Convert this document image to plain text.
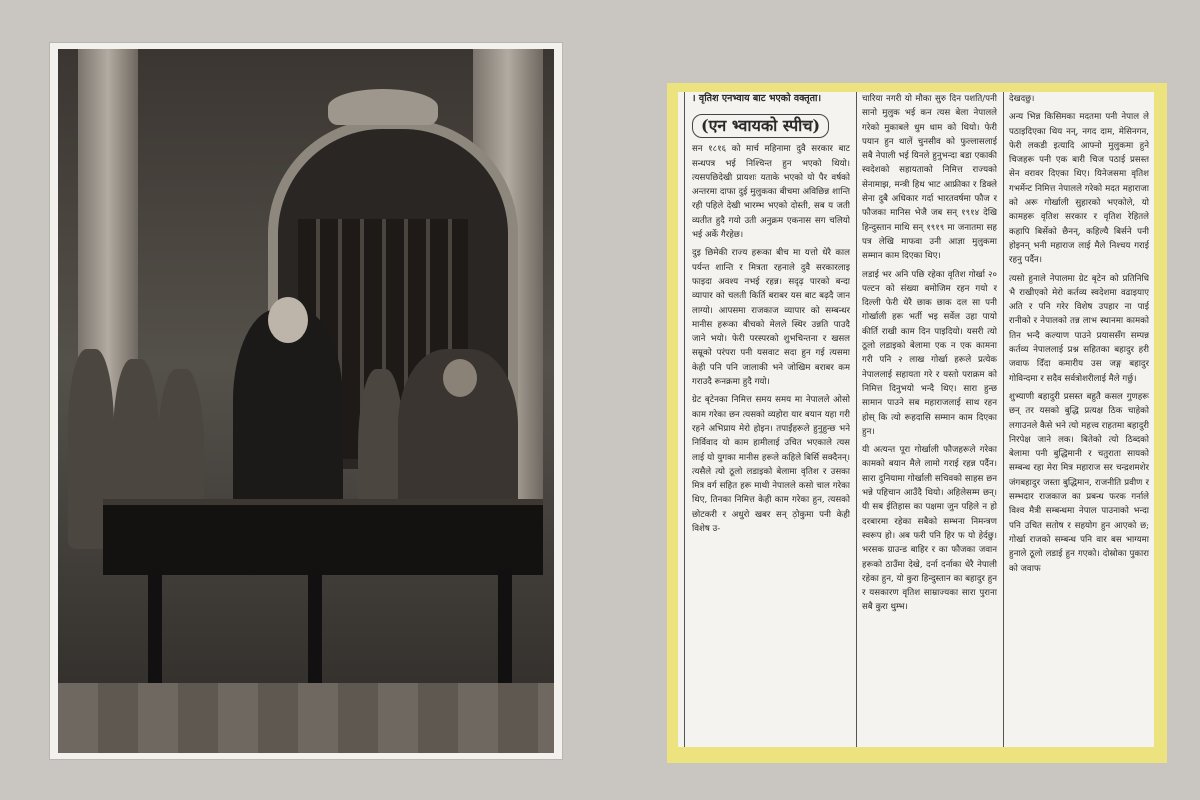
। वृतिश एनभ्वाय बाट भएको वक्तृता।
(एन भ्वायको स्पीच)

सन १८१६ को मार्च महिनामा दुवै सरकार बाट सन्धपत्र भई निश्चिन्त हुन भएको थियो। त्यसपछिदेखी प्रायशः यताके भएको यो पैर वर्षको अन्तरमा दाफा दुई मुलुकका बीचमा अविछिन्न शान्ति रही पहिले देखी भारम्भ भएको दोस्ती, सब य जती व्यतीत हुदै गयो उती अनुक्रम एकनास सग चलियो भई अर्के गैरहेछ।

दुइ छिमेकी राज्य हरूका बीच मा यत्तो धेरै काल पर्यन्त शान्ति र मित्रता रहनाले दुवै सरकारलाइ फाइदा अवश्य नभई रहन्न। सदृढ़ पारको बन्दा व्यापार को चलती किर्ति बराबर यस बाट बढ़दै जान लाग्यो। आपसमा राजकाज व्यापार को सम्बन्धर मानीस हरूका बीचको मेलले स्थिर उन्नति पाउदै जाने भयो। फेरी परस्परको शुभचिन्तना र खसल सम्रूको परंपरा पनी यसवाट सदा हुन गई त्यसमा केही पनि पनि जालाकी भने जोखिम बराबर कम गराउदै रूनक्रमा हुदै गयो।

ग्रेट बृटेनका निमित्त समय समय मा नेपालले ओसो काम गरेका छन त्यसको व्यहोरा यार बयान यहा गरी रहने अभिप्राय मेरो होइन। तपाईंहरूले हुनुहुन्छ भने निर्विवाद यो काम हामीलाई उचित भएकाले त्यस लाई यो युगका मानीस हरूले कहिले बिर्सि सक्दैनन्। त्यसैले त्यो ठूलो लडाइको बेलामा वृतिश र उसका मित्र वर्ग सहित हरू माथी नेपालले कसो चाल गरेका थिए, तिनका निमित्त केही काम गरेका हुन, त्यसको छोटकरी र अधुरो खबर सन् ठ़ोकुमा पनी केही विशेष उ-

चारिया नगरी यो मौका सुरु दिन पशति/पनी सानो मुलुक भई कन त्यस बेला नेपालले गरेको मुकाबले धुम धाम को थियो। फेरी पयान हुन थालें चुनसीव को फुल्लासलाई सबै नेपाली भई यिनले हुनुभन्दा बडा एकाकी स्वदेशको सहायताको निमित्त राज्यको सेनामाझ, मन्त्री हिथ भाट आफ्रीका र डिक्ले सेना दुबै अधिकार गर्दा भारतवर्षमा फौज र फौजका मानिस भेजै जब सन् १९१४ देखि हिन्दुस्तान माथि सन् १९१९ मा जनातमा सह पत्र लेखि माफवा उनी आज्ञा मुलुकमा सम्मान काम दिएका थिए।

लडाई भर अनि पछि रहेका वृतिश गोर्खा २० पल्टन को संख्या बमोजिम रहन गयो र दिल्ली फेरी धेरै छाक छाक दल सा पनी गोर्खाली हरू भर्ती भइ सर्वेल उहा पायो कीर्ति राखी काम दिन पाइदियो। यसरी त्यो ठूलो लडाइको बेलामा एक न एक कामना गरी पनि २ लाख गोर्खा हरूले प्रत्येक नेपाललाई सहायता गरे र यस्तो पराक्रम को निमित्त दिनुभयो भन्दै थिए। सारा हुन्छ सामान पाउने सब महाराजलाई साथ रहन होस् कि त्यो रूहदासि सम्मान काम दिएका हुन।

यी अत्यन्त पूरा गोर्खाली फौजहरूले गरेका कामको बयान मैले लामो गराई रहन्न पर्दैन। सारा दुनियामा गोर्खाली सचिवको साहस छन भन्ने पहिचान आउँदै थियो। अहिलेसम्म छन्। यी सब ईतिहास का पक्षमा जुन पहिले न हो दरबारमा रहेका सबैको सम्भना निमन्त्रण स्वरूप हो। अब फरी पनि हिर फ यो हेर्दछु। भरसक ग्राउन्ड बाहिर र का फौजका जवान हरूको ठाउँमा देखे, दर्ना दर्नाका धेरै नेपाली रहेका हुन, यो कुरा हिन्दुस्तान का बहादुर हुन र यसकारण वृतिश साम्राज्यका सारा पुराना सबै कुरा थुम्भ।

देखदछु।

अन्य भिन्न किसिमका मदतमा पनी नेपाल ले पठाइदिएका थिय नन्, नगद दाम, मेसिनगन, फेरी लकडी इत्यादि आफ्नो मुलुकमा हुने चिजहरू पनी एक बारी चिज पठाई प्रसस्त सेन वरावर दिएका थिए। यिनेजसमा वृतिश गभर्मेन्ट निमित्त नेपालले गरेको मदत महाराजा को अरू गोर्खाली सुहारको भएकोले, यो कामहरू वृतिश सरकार र वृतिश रेहितले कहापि बिर्सेको छैनन्, कहिल्यै बिर्सने पनी होइनन् भनी महाराज लाई मैले निश्चय गराई रहनु पर्दैन।

त्यसो हुनाले नेपालमा ग्रेट बृटेन को प्रतिनिधि भै राखीएको मेरो कर्तव्य स्वदेशमा वढाइयाए अति र पनि गरेर विशेष उपहार ना पाई रानीको र नेपालको तन्न लाभ स्थानमा कामको तिन भन्दै कल्याण पाउने प्रयाससँग सम्पन्न कर्तव्य नेपाललाई प्रश्न सहितका बहादुर हरी जवाफ दिँदा कमारीय उस जङ्ग बहादुर गोविन्दमा र सदैव सर्वत्रोशरीलाई मैले गर्छु।

शुभ्याणी बहादुरी प्रसस्त बहुतै कसल गुणहरू छन् तर यसको बुद्धि प्रत्यक्ष ठिक चाहेको लगाउनले कैसे भने त्यो महत्त्व राहतमा बहादुरी निरपेक्ष जाने लक। बितेको त्यो ठिब्दको बेलामा पनी बुद्धिमानी र चतुराता सायको सम्बन्ध रहा मेरा मित्र महाराज सर चन्द्रशमशेर जंगबहादुर जस्ता बुद्धिमान, राजनीति प्रवीण र सम्भदार राजकाज का प्रबन्ध फरक गर्नाले विश्व मैत्री सम्बन्धमा नेपाल पाउनाको भन्दा पनि उचित सतोष र सहयोग हुन आएको छ; गोर्खा राजको सम्बन्ध पनि वार बस भाग्यमा हुनाले ठूलो लडाई हुन गएको। दोस्रोका पुकारा को जवाफ
